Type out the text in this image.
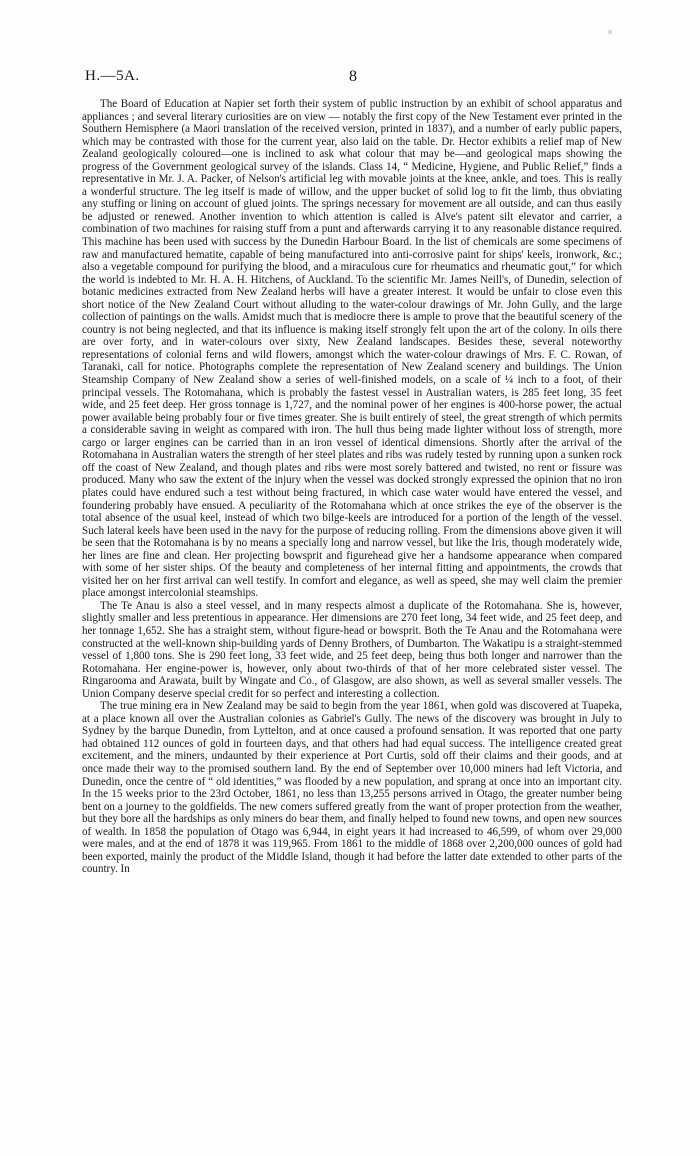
H.—5A.	8

The Board of Education at Napier set forth their system of public instruction by an exhibit of school apparatus and appliances ; and several literary curiosities are on view — notably the first copy of the New Testament ever printed in the Southern Hemisphere (a Maori translation of the received version, printed in 1837), and a number of early public papers, which may be contrasted with those for the current year, also laid on the table. Dr. Hector exhibits a relief map of New Zealand geologically coloured—one is inclined to ask what colour that may be—and geological maps showing the progress of the Government geological survey of the islands. Class 14, “ Medicine, Hygiene, and Public Relief,” finds a representative in Mr. J. A. Packer, of Nelson's artificial leg with movable joints at the knee, ankle, and toes. This is really a wonderful structure. The leg itself is made of willow, and the upper bucket of solid log to fit the limb, thus obviating any stuffing or lining on account of glued joints. The springs necessary for movement are all outside, and can thus easily be adjusted or renewed. Another invention to which attention is called is Alve's patent silt elevator and carrier, a combination of two machines for raising stuff from a punt and afterwards carrying it to any reasonable distance required. This machine has been used with success by the Dunedin Harbour Board. In the list of chemicals are some specimens of raw and manufactured hematite, capable of being manufactured into anti-corrosive paint for ships' keels, ironwork, &c.; also a vegetable compound for purifying the blood, and a miraculous cure for rheumatics and rheumatic gout,” for which the world is indebted to Mr. H. A. H. Hitchens, of Auckland. To the scientific Mr. James Neill's, of Dunedin, selection of botanic medicines extracted from New Zealand herbs will have a greater interest. It would be unfair to close even this short notice of the New Zealand Court without alluding to the water-colour drawings of Mr. John Gully, and the large collection of paintings on the walls. Amidst much that is mediocre there is ample to prove that the beautiful scenery of the country is not being neglected, and that its influence is making itself strongly felt upon the art of the colony. In oils there are over forty, and in water-colours over sixty, New Zealand landscapes. Besides these, several noteworthy representations of colonial ferns and wild flowers, amongst which the water-colour drawings of Mrs. F. C. Rowan, of Taranaki, call for notice. Photographs complete the representation of New Zealand scenery and buildings. The Union Steamship Company of New Zealand show a series of well-finished models, on a scale of ¼ inch to a foot, of their principal vessels. The Rotomahana, which is probably the fastest vessel in Australian waters, is 285 feet long, 35 feet wide, and 25 feet deep. Her gross tonnage is 1,727, and the nominal power of her engines is 400-horse power, the actual power available being probably four or five times greater. She is built entirely of steel, the great strength of which permits a considerable saving in weight as compared with iron. The hull thus being made lighter without loss of strength, more cargo or larger engines can be carried than in an iron vessel of identical dimensions. Shortly after the arrival of the Rotomahana in Australian waters the strength of her steel plates and ribs was rudely tested by running upon a sunken rock off the coast of New Zealand, and though plates and ribs were most sorely battered and twisted, no rent or fissure was produced. Many who saw the extent of the injury when the vessel was docked strongly expressed the opinion that no iron plates could have endured such a test without being fractured, in which case water would have entered the vessel, and foundering probably have ensued. A peculiarity of the Rotomahana which at once strikes the eye of the observer is the total absence of the usual keel, instead of which two bilge-keels are introduced for a portion of the length of the vessel. Such lateral keels have been used in the navy for the purpose of reducing rolling. From the dimensions above given it will be seen that the Rotomahana is by no means a specially long and narrow vessel, but like the Iris, though moderately wide, her lines are fine and clean. Her projecting bowsprit and figurehead give her a handsome appearance when compared with some of her sister ships. Of the beauty and completeness of her internal fitting and appointments, the crowds that visited her on her first arrival can well testify. In comfort and elegance, as well as speed, she may well claim the premier place amongst intercolonial steamships.

The Te Anau is also a steel vessel, and in many respects almost a duplicate of the Rotomahana. She is, however, slightly smaller and less pretentious in appearance. Her dimensions are 270 feet long, 34 feet wide, and 25 feet deep, and her tonnage 1,652. She has a straight stem, without figure-head or bowsprit. Both the Te Anau and the Rotomahana were constructed at the well-known ship-building yards of Denny Brothers, of Dumbarton. The Wakatipu is a straight-stemmed vessel of 1,800 tons. She is 290 feet long, 33 feet wide, and 25 feet deep, being thus both longer and narrower than the Rotomahana. Her engine-power is, however, only about two-thirds of that of her more celebrated sister vessel. The Ringarooma and Arawata, built by Wingate and Co., of Glasgow, are also shown, as well as several smaller vessels. The Union Company deserve special credit for so perfect and interesting a collection.

The true mining era in New Zealand may be said to begin from the year 1861, when gold was discovered at Tuapeka, at a place known all over the Australian colonies as Gabriel's Gully. The news of the discovery was brought in July to Sydney by the barque Dunedin, from Lyttelton, and at once caused a profound sensation. It was reported that one party had obtained 112 ounces of gold in fourteen days, and that others had had equal success. The intelligence created great excitement, and the miners, undaunted by their experience at Port Curtis, sold off their claims and their goods, and at once made their way to the promised southern land. By the end of September over 10,000 miners had left Victoria, and Dunedin, once the centre of “ old identities,” was flooded by a new population, and sprang at once into an important city. In the 15 weeks prior to the 23rd October, 1861, no less than 13,255 persons arrived in Otago, the greater number being bent on a journey to the goldfields. The new comers suffered greatly from the want of proper protection from the weather, but they bore all the hardships as only miners do bear them, and finally helped to found new towns, and open new sources of wealth. In 1858 the population of Otago was 6,944, in eight years it had increased to 46,599, of whom over 29,000 were males, and at the end of 1878 it was 119,965. From 1861 to the middle of 1868 over 2,200,000 ounces of gold had been exported, mainly the product of the Middle Island, though it had before the latter date extended to other parts of the country. In
